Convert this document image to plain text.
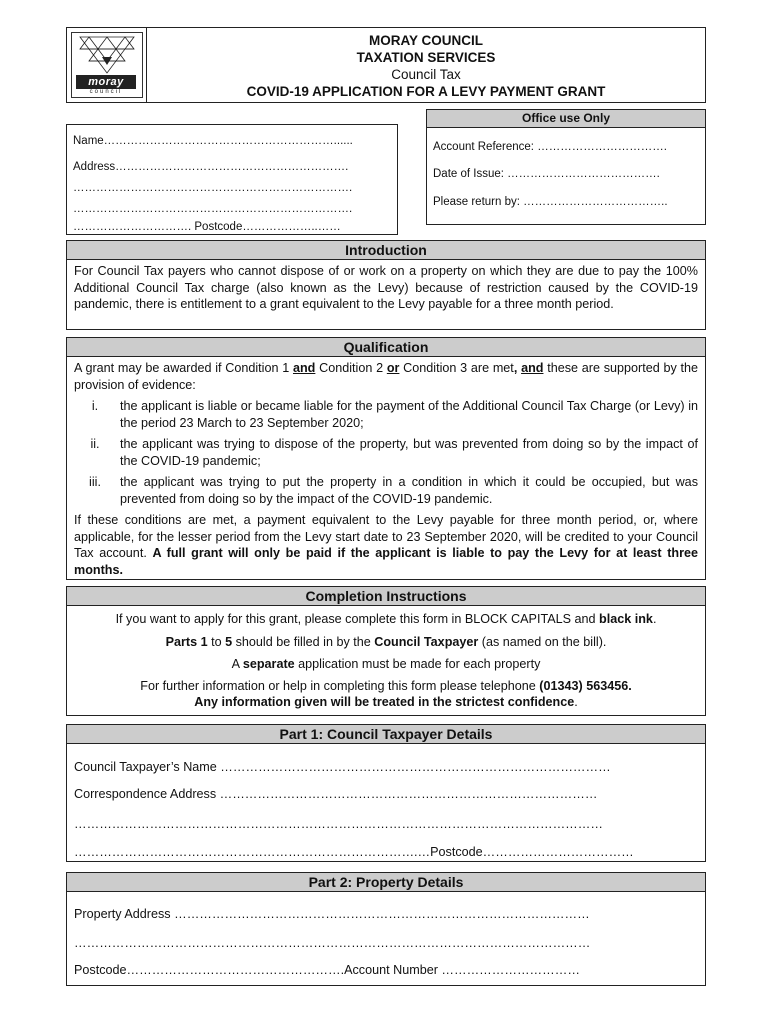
moray
council
MORAY COUNCIL
TAXATION SERVICES
Council Tax
COVID-19 APPLICATION FOR A LEVY PAYMENT GRANT
Name……………………………………………………......
Address…………………………………………………….
……………………………………………………………….
……………………………………………………………….
…………………………. Postcode………………..……
Office use Only
Account Reference: …………………………….
Date of Issue: ………………………………….
Please return by: ………………………………..
Introduction
For Council Tax payers who cannot dispose of or work on a property on which they are due to pay the 100% Additional Council Tax charge (also known as the Levy) because of restriction caused by the COVID-19 pandemic, there is entitlement to a grant equivalent to the Levy payable for a three month period.
Qualification

A grant may be awarded if Condition 1 and Condition 2 or Condition 3 are met, and these are supported by the provision of evidence:

i.	the applicant is liable or became liable for the payment of the Additional Council Tax Charge (or Levy) in the period 23 March to 23 September 2020;
ii.	the applicant was trying to dispose of the property, but was prevented from doing so by the impact of the COVID-19 pandemic;
iii.	the applicant was trying to put the property in a condition in which it could be occupied, but was prevented from doing so by the impact of the COVID-19 pandemic.

If these conditions are met, a payment equivalent to the Levy payable for three month period, or, where applicable, for the lesser period from the Levy start date to 23 September 2020, will be credited to your Council Tax account. A full grant will only be paid if the applicant is liable to pay the Levy for at least three months.

Completion Instructions

If you want to apply for this grant, please complete this form in BLOCK CAPITALS and black ink.

Parts 1 to 5 should be filled in by the Council Taxpayer (as named on the bill).

A separate application must be made for each property

For further information or help in completing this form please telephone (01343) 563456.

Any information given will be treated in the strictest confidence.

Part 1: Council Taxpayer Details
Council Taxpayer’s Name …………………………………………………………………………………
Correspondence Address ………………………………………………………………………………
………………………………………………………………………………………………………………
……………………………………………………………………….…Postcode………………………………
Part 2: Property Details
Property Address ………………………………………………………………………………………
……………………………………………………………………………………………………………
Postcode…………………………………………….Account Number ……………………………
